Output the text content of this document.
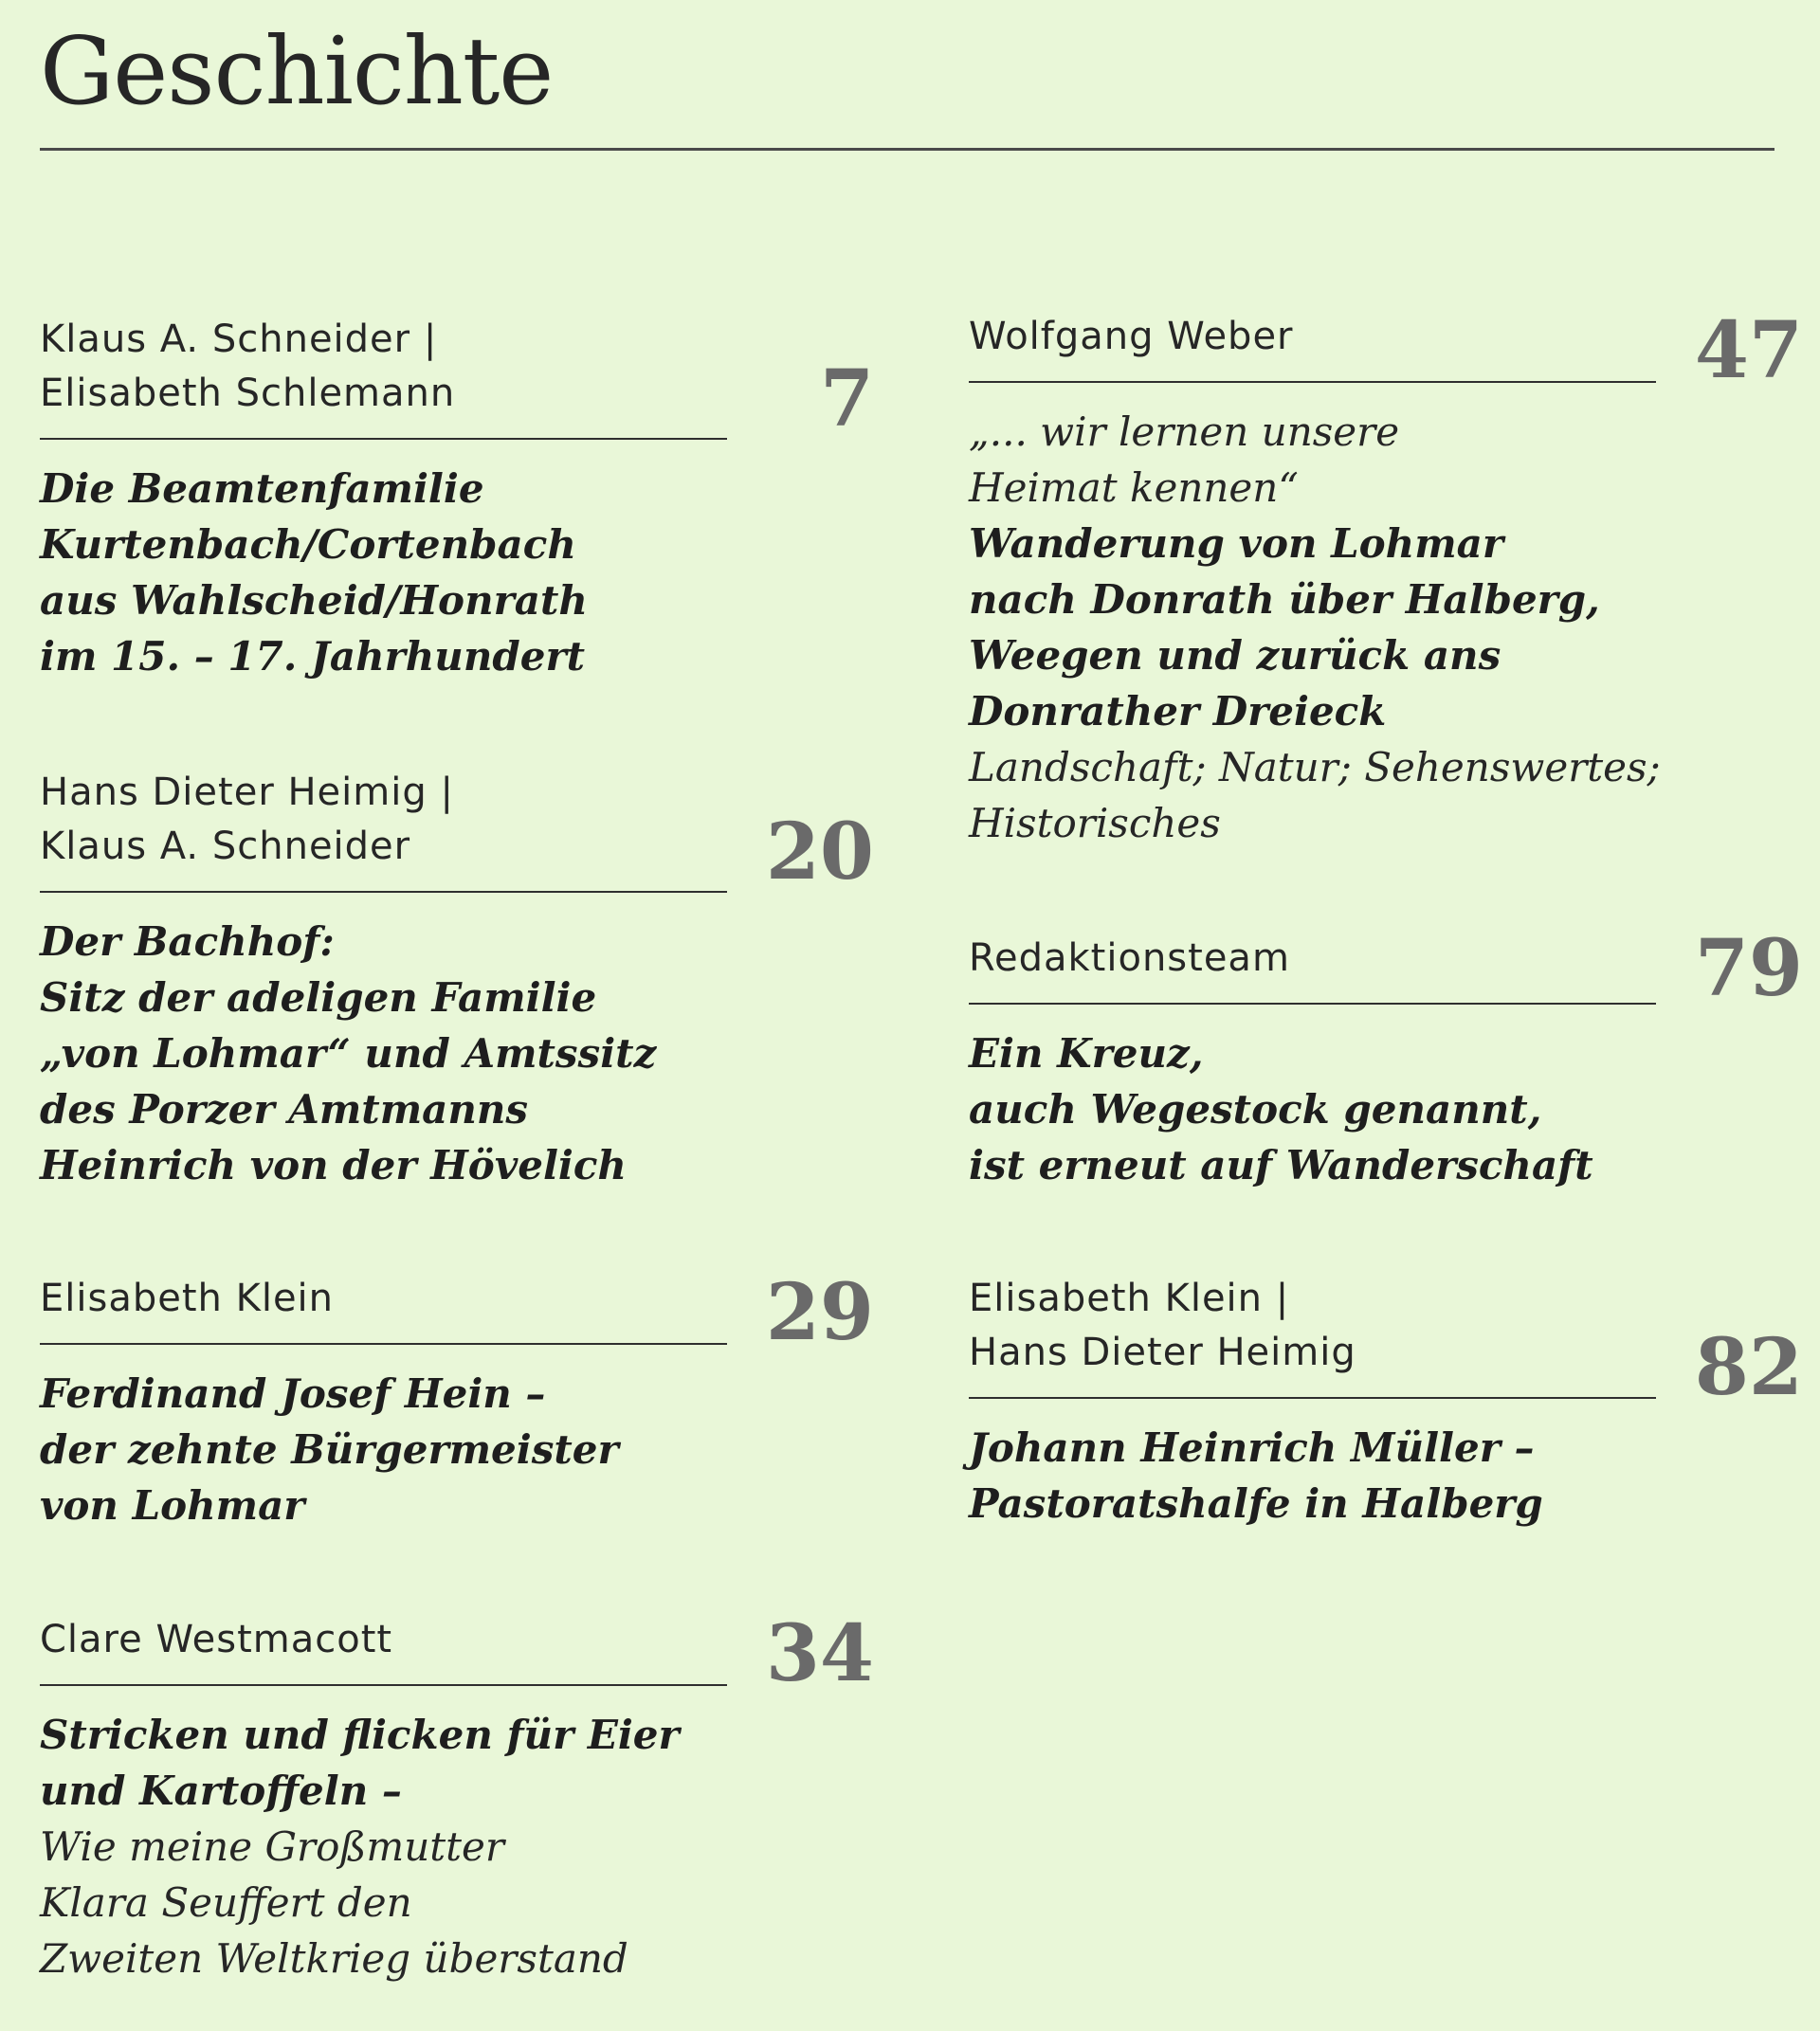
Geschichte
Klaus A. Schneider |
Elisabeth Schlemann	7
Die Beamtenfamilie
Kurtenbach/Cortenbach
aus Wahlscheid/Honrath
im 15. – 17. Jahrhundert
Hans Dieter Heimig |
Klaus A. Schneider	20
Der Bachhof:
Sitz der adeligen Familie
„von Lohmar“ und Amtssitz
des Porzer Amtmanns
Heinrich von der Hövelich
Elisabeth Klein	29
Ferdinand Josef Hein –
der zehnte Bürgermeister
von Lohmar
Clare Westmacott	34
Stricken und flicken für Eier
und Kartoffeln –
Wie meine Großmutter
Klara Seuffert den
Zweiten Weltkrieg überstand
Wolfgang Weber	47
„... wir lernen unsere
Heimat kennen“
Wanderung von Lohmar
nach Donrath über Halberg,
Weegen und zurück ans
Donrather Dreieck
Landschaft; Natur; Sehenswertes;
Historisches
Redaktionsteam	79
Ein Kreuz,
auch Wegestock genannt,
ist erneut auf Wanderschaft
Elisabeth Klein |
Hans Dieter Heimig	82
Johann Heinrich Müller –
Pastoratshalfe in Halberg
